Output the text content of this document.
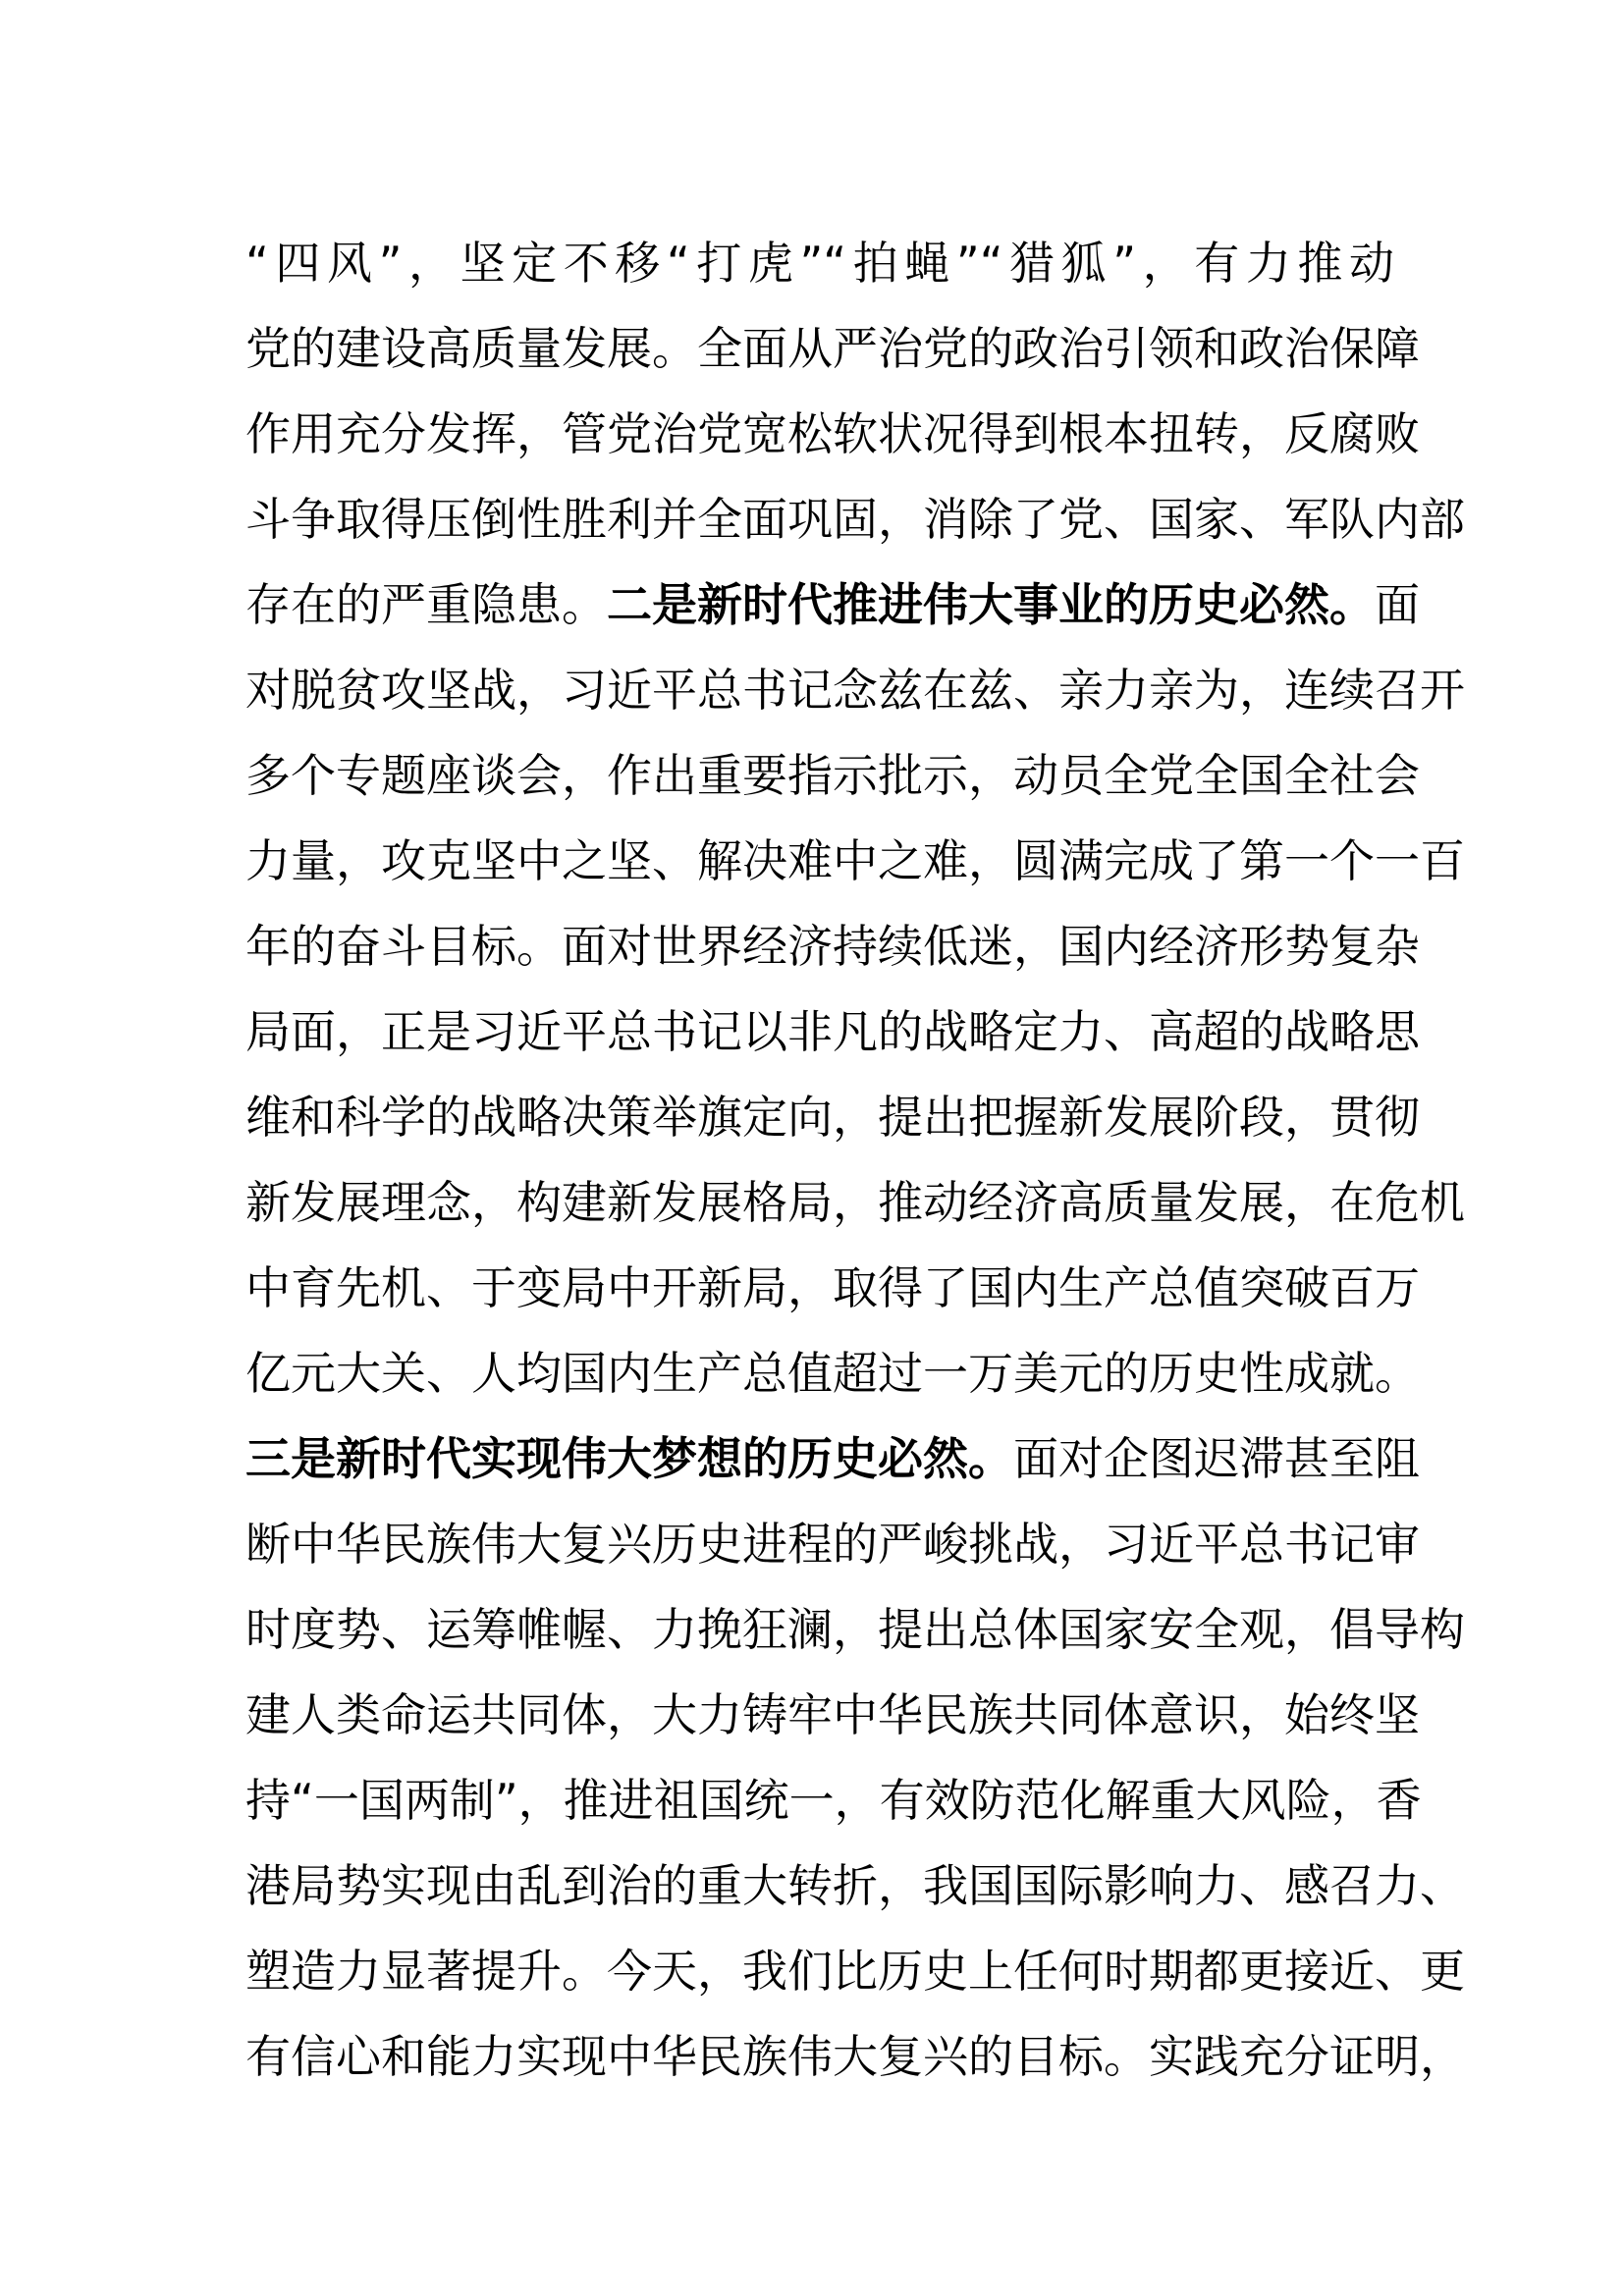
“四风”，坚定不移“打虎”“拍蝇”“猎狐”，有力推动
党的建设高质量发展。全面从严治党的政治引领和政治保障
作用充分发挥，管党治党宽松软状况得到根本扭转，反腐败
斗争取得压倒性胜利并全面巩固，消除了党、国家、军队内部
存在的严重隐患。二是新时代推进伟大事业的历史必然。面
对脱贫攻坚战，习近平总书记念兹在兹、亲力亲为，连续召开
多个专题座谈会，作出重要指示批示，动员全党全国全社会
力量，攻克坚中之坚、解决难中之难，圆满完成了第一个一百
年的奋斗目标。面对世界经济持续低迷，国内经济形势复杂
局面，正是习近平总书记以非凡的战略定力、高超的战略思
维和科学的战略决策举旗定向，提出把握新发展阶段，贯彻
新发展理念，构建新发展格局，推动经济高质量发展，在危机
中育先机、于变局中开新局，取得了国内生产总值突破百万
亿元大关、人均国内生产总值超过一万美元的历史性成就。
三是新时代实现伟大梦想的历史必然。面对企图迟滞甚至阻
断中华民族伟大复兴历史进程的严峻挑战，习近平总书记审
时度势、运筹帷幄、力挽狂澜，提出总体国家安全观，倡导构
建人类命运共同体，大力铸牢中华民族共同体意识，始终坚
持“一国两制”，推进祖国统一，有效防范化解重大风险，香
港局势实现由乱到治的重大转折，我国国际影响力、感召力、
塑造力显著提升。今天，我们比历史上任何时期都更接近、更
有信心和能力实现中华民族伟大复兴的目标。实践充分证明，
